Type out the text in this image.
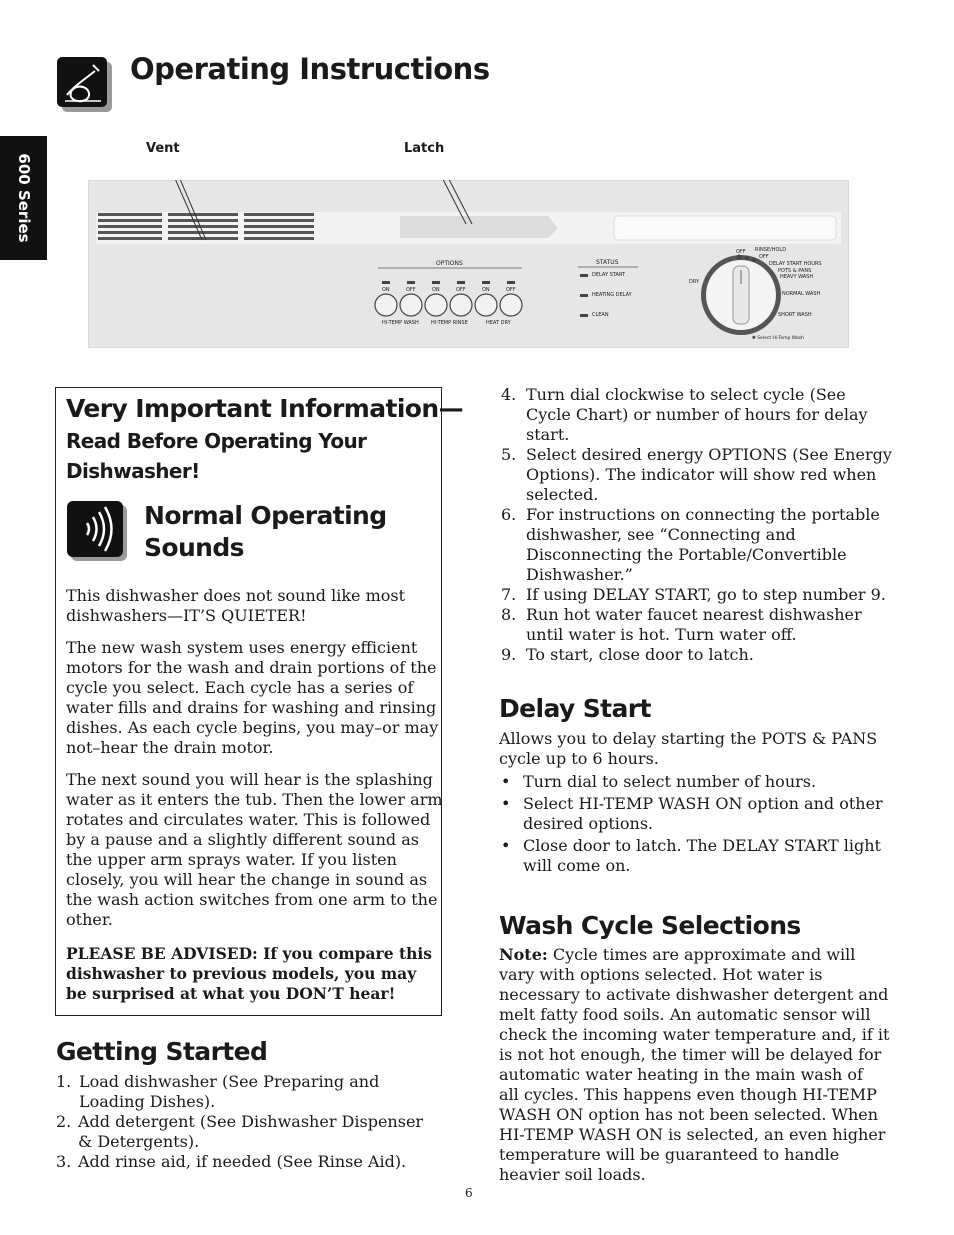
Operating Instructions
600 Series
Vent	Latch
OPTIONS
ON	OFF	ON	OFF	ON	OFF
HI-TEMP WASH HI-TEMP RINSE	HEAT DRY
STATUS
DELAY START
HEATING DELAY
CLEAN
OFF RINSE/HOLD
OFF
DELAY START HOURS
POTS & PANS
HEAVY WASH
NORMAL WASH
SHORT WASH
DRY
✱ Select Hi-Temp Wash
Very Important Information—
Read Before Operating Your
Dishwasher!
Normal Operating
Sounds

This dishwasher does not sound like most

dishwashers—IT’S QUIETER!

The new wash system uses energy efficient

motors for the wash and drain portions of the

cycle you select. Each cycle has a series of

water fills and drains for washing and rinsing

dishes. As each cycle begins, you may–or may

not–hear the drain motor.

The next sound you will hear is the splashing

water as it enters the tub. Then the lower arm

rotates and circulates water. This is followed

by a pause and a slightly different sound as

the upper arm sprays water. If you listen

closely, you will hear the change in sound as

the wash action switches from one arm to the

other.

PLEASE BE ADVISED: If you compare this

dishwasher to previous models, you may

be surprised at what you DON’T hear!

Getting Started
1. Load dishwasher (See Preparing and

Loading Dishes).

2. Add detergent (See Dishwasher Dispenser

& Detergents).

3. Add rinse aid, if needed (See Rinse Aid).

4. Turn dial clockwise to select cycle (See

Cycle Chart) or number of hours for delay

start.

5. Select desired energy OPTIONS (See Energy

Options). The indicator will show red when

selected.

6. For instructions on connecting the portable

dishwasher, see “Connecting and

Disconnecting the Portable/Convertible

Dishwasher.”

7. If using DELAY START, go to step number 9.

8. Run hot water faucet nearest dishwasher

until water is hot. Turn water off.

9. To start, close door to latch.

Delay Start

Allows you to delay starting the POTS & PANS

cycle up to 6 hours.

• Turn dial to select number of hours.

• Select HI-TEMP WASH ON option and other

desired options.

• Close door to latch. The DELAY START light

will come on.

Wash Cycle Selections

Note: Cycle times are approximate and will

vary with options selected. Hot water is

necessary to activate dishwasher detergent and

melt fatty food soils. An automatic sensor will

check the incoming water temperature and, if it

is not hot enough, the timer will be delayed for

automatic water heating in the main wash of

all cycles. This happens even though HI-TEMP

WASH ON option has not been selected. When

HI-TEMP WASH ON is selected, an even higher

temperature will be guaranteed to handle

heavier soil loads.

6
